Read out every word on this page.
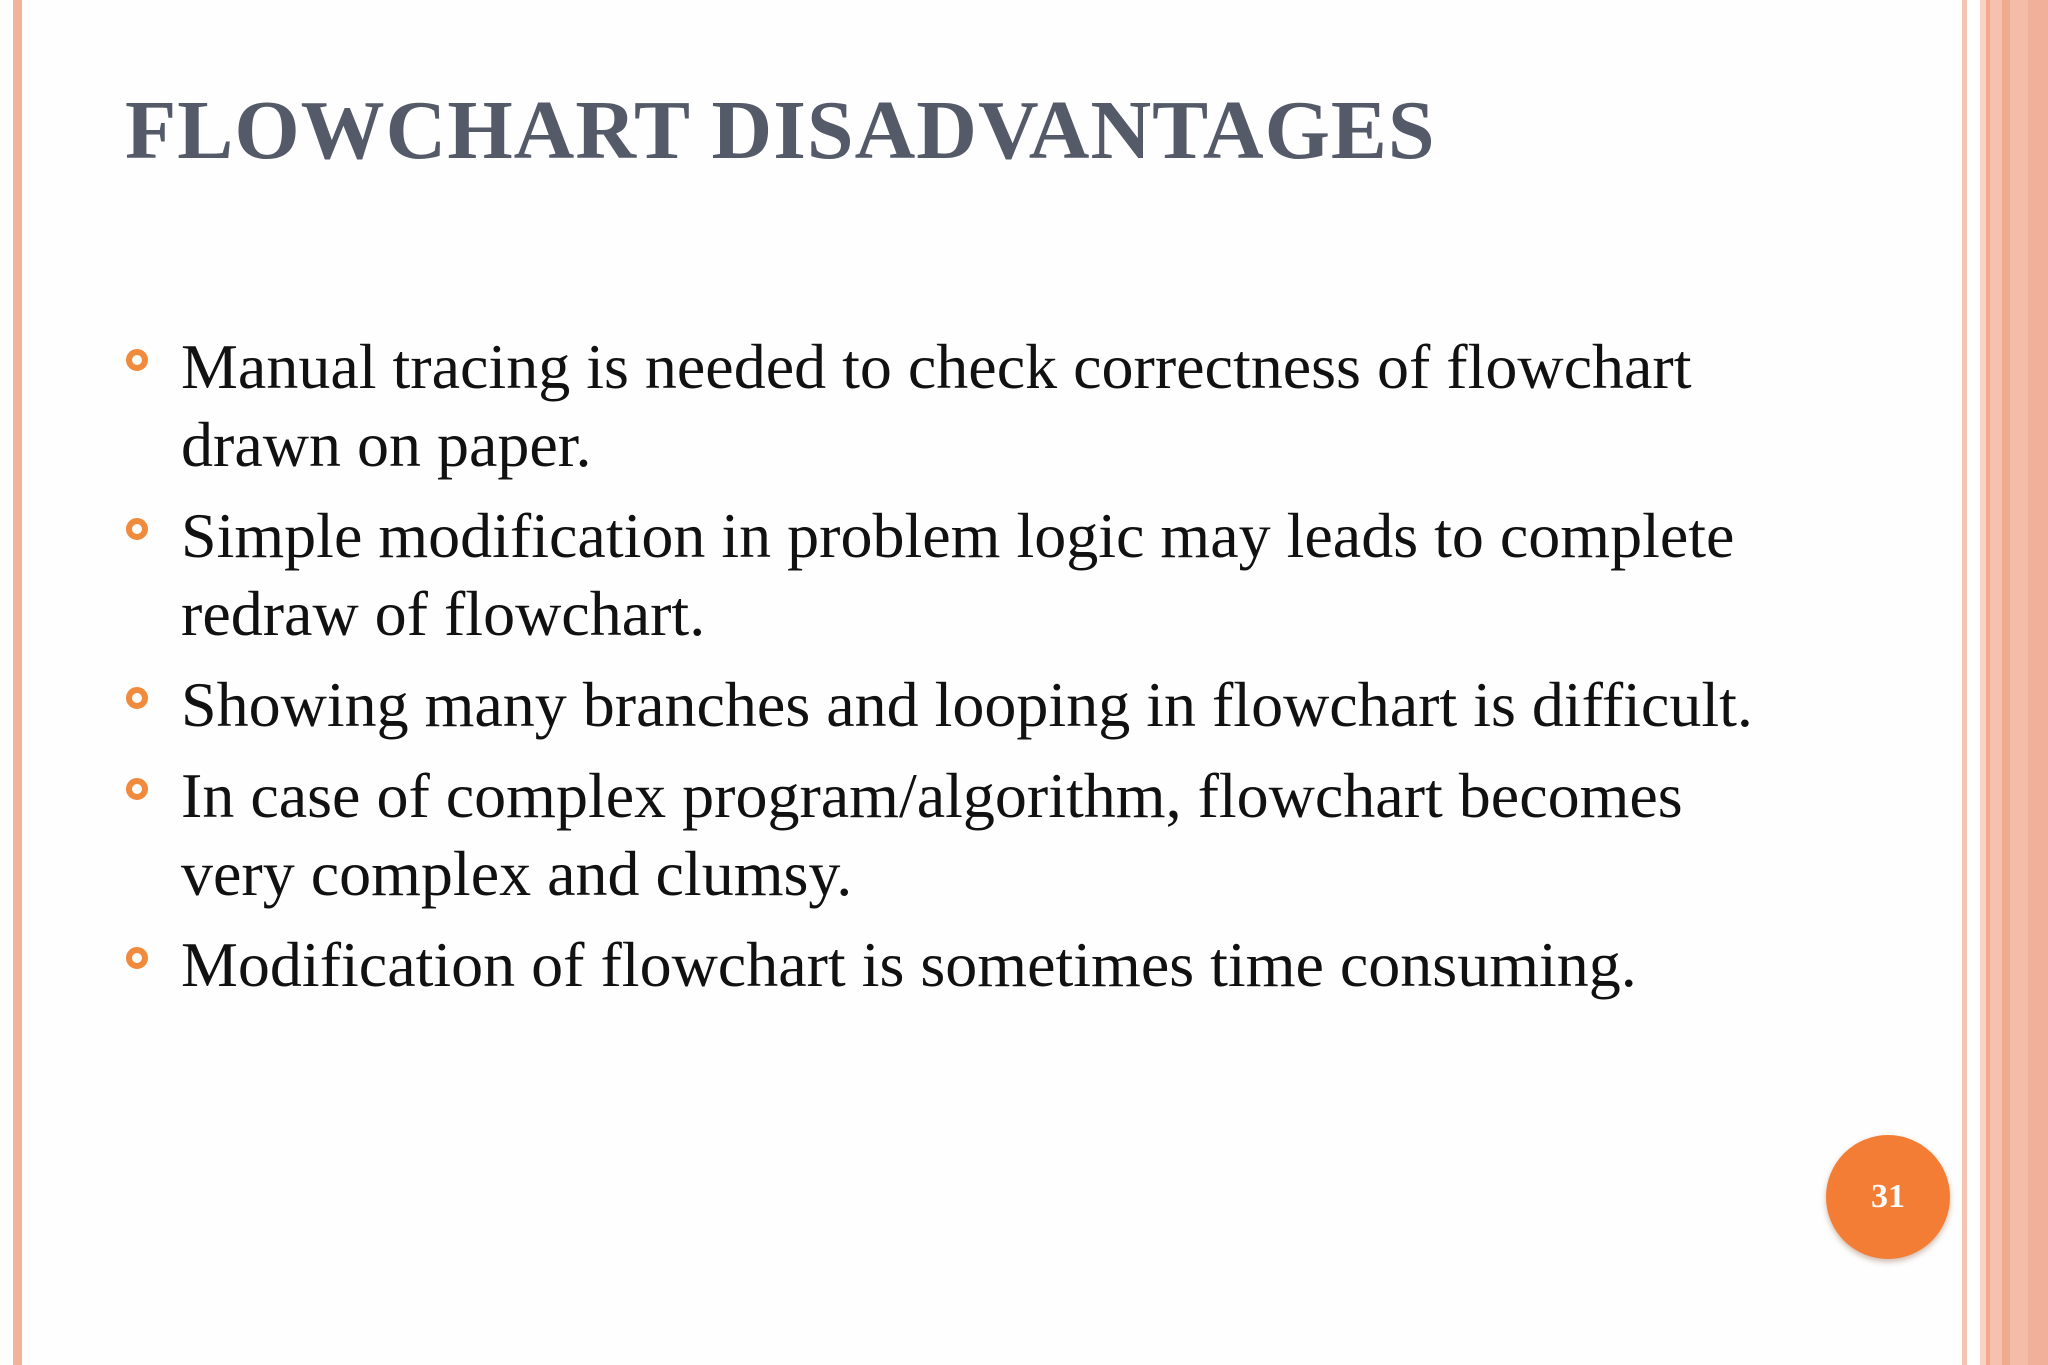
FLOWCHART DISADVANTAGES
Manual tracing is needed to check correctness of flowchart drawn on paper.
Simple modification in problem logic may leads to complete redraw of flowchart.
Showing many branches and looping in flowchart is difficult.
In case of complex program/algorithm, flowchart becomes very complex and clumsy.
Modification of flowchart is sometimes time consuming.
31
